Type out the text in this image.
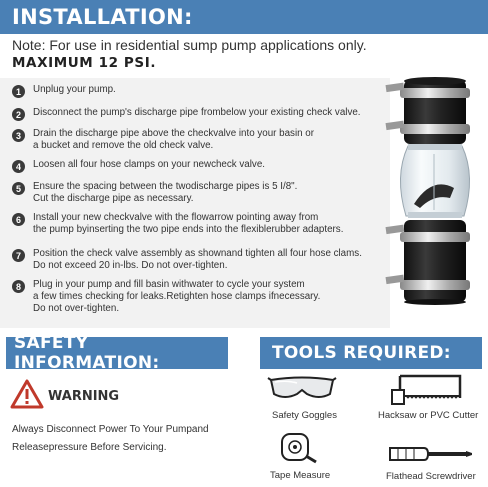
INSTALLATION:
Note: For use in residential sump pump applications only.
MAXIMUM 12 PSI.
1	Unplug your pump.
2	Disconnect the pump's discharge pipe frombelow your existing check valve.
3	Drain the discharge pipe above the checkvalve into your basin or
a bucket and remove the old check valve.
4	Loosen all four hose clamps on your newcheck valve.
5	Ensure the spacing between the twodischarge pipes is 5 I/8".
Cut the discharge pipe as necessary.
6	Install your new checkvalve with the flowarrow pointing away from
the pump byinserting the two pipe ends into the flexiblerubber adapters.
7	Position the check valve assembly as shownand tighten all four hose clams.
Do not exceed 20 in-lbs. Do not over-tighten.
8	Plug in your pump and fill basin withwater to cycle your system
a few times checking for leaks.Retighten hose clamps ifnecessary.
Do not over-tighten.
SAFETY INFORMATION:	TOOLS REQUIRED:
WARNING
Always Disconnect Power To Your Pumpand
Releasepressure Before Servicing.
Safety Goggles	Hacksaw or PVC Cutter
Tape Measure	Flathead Screwdriver
